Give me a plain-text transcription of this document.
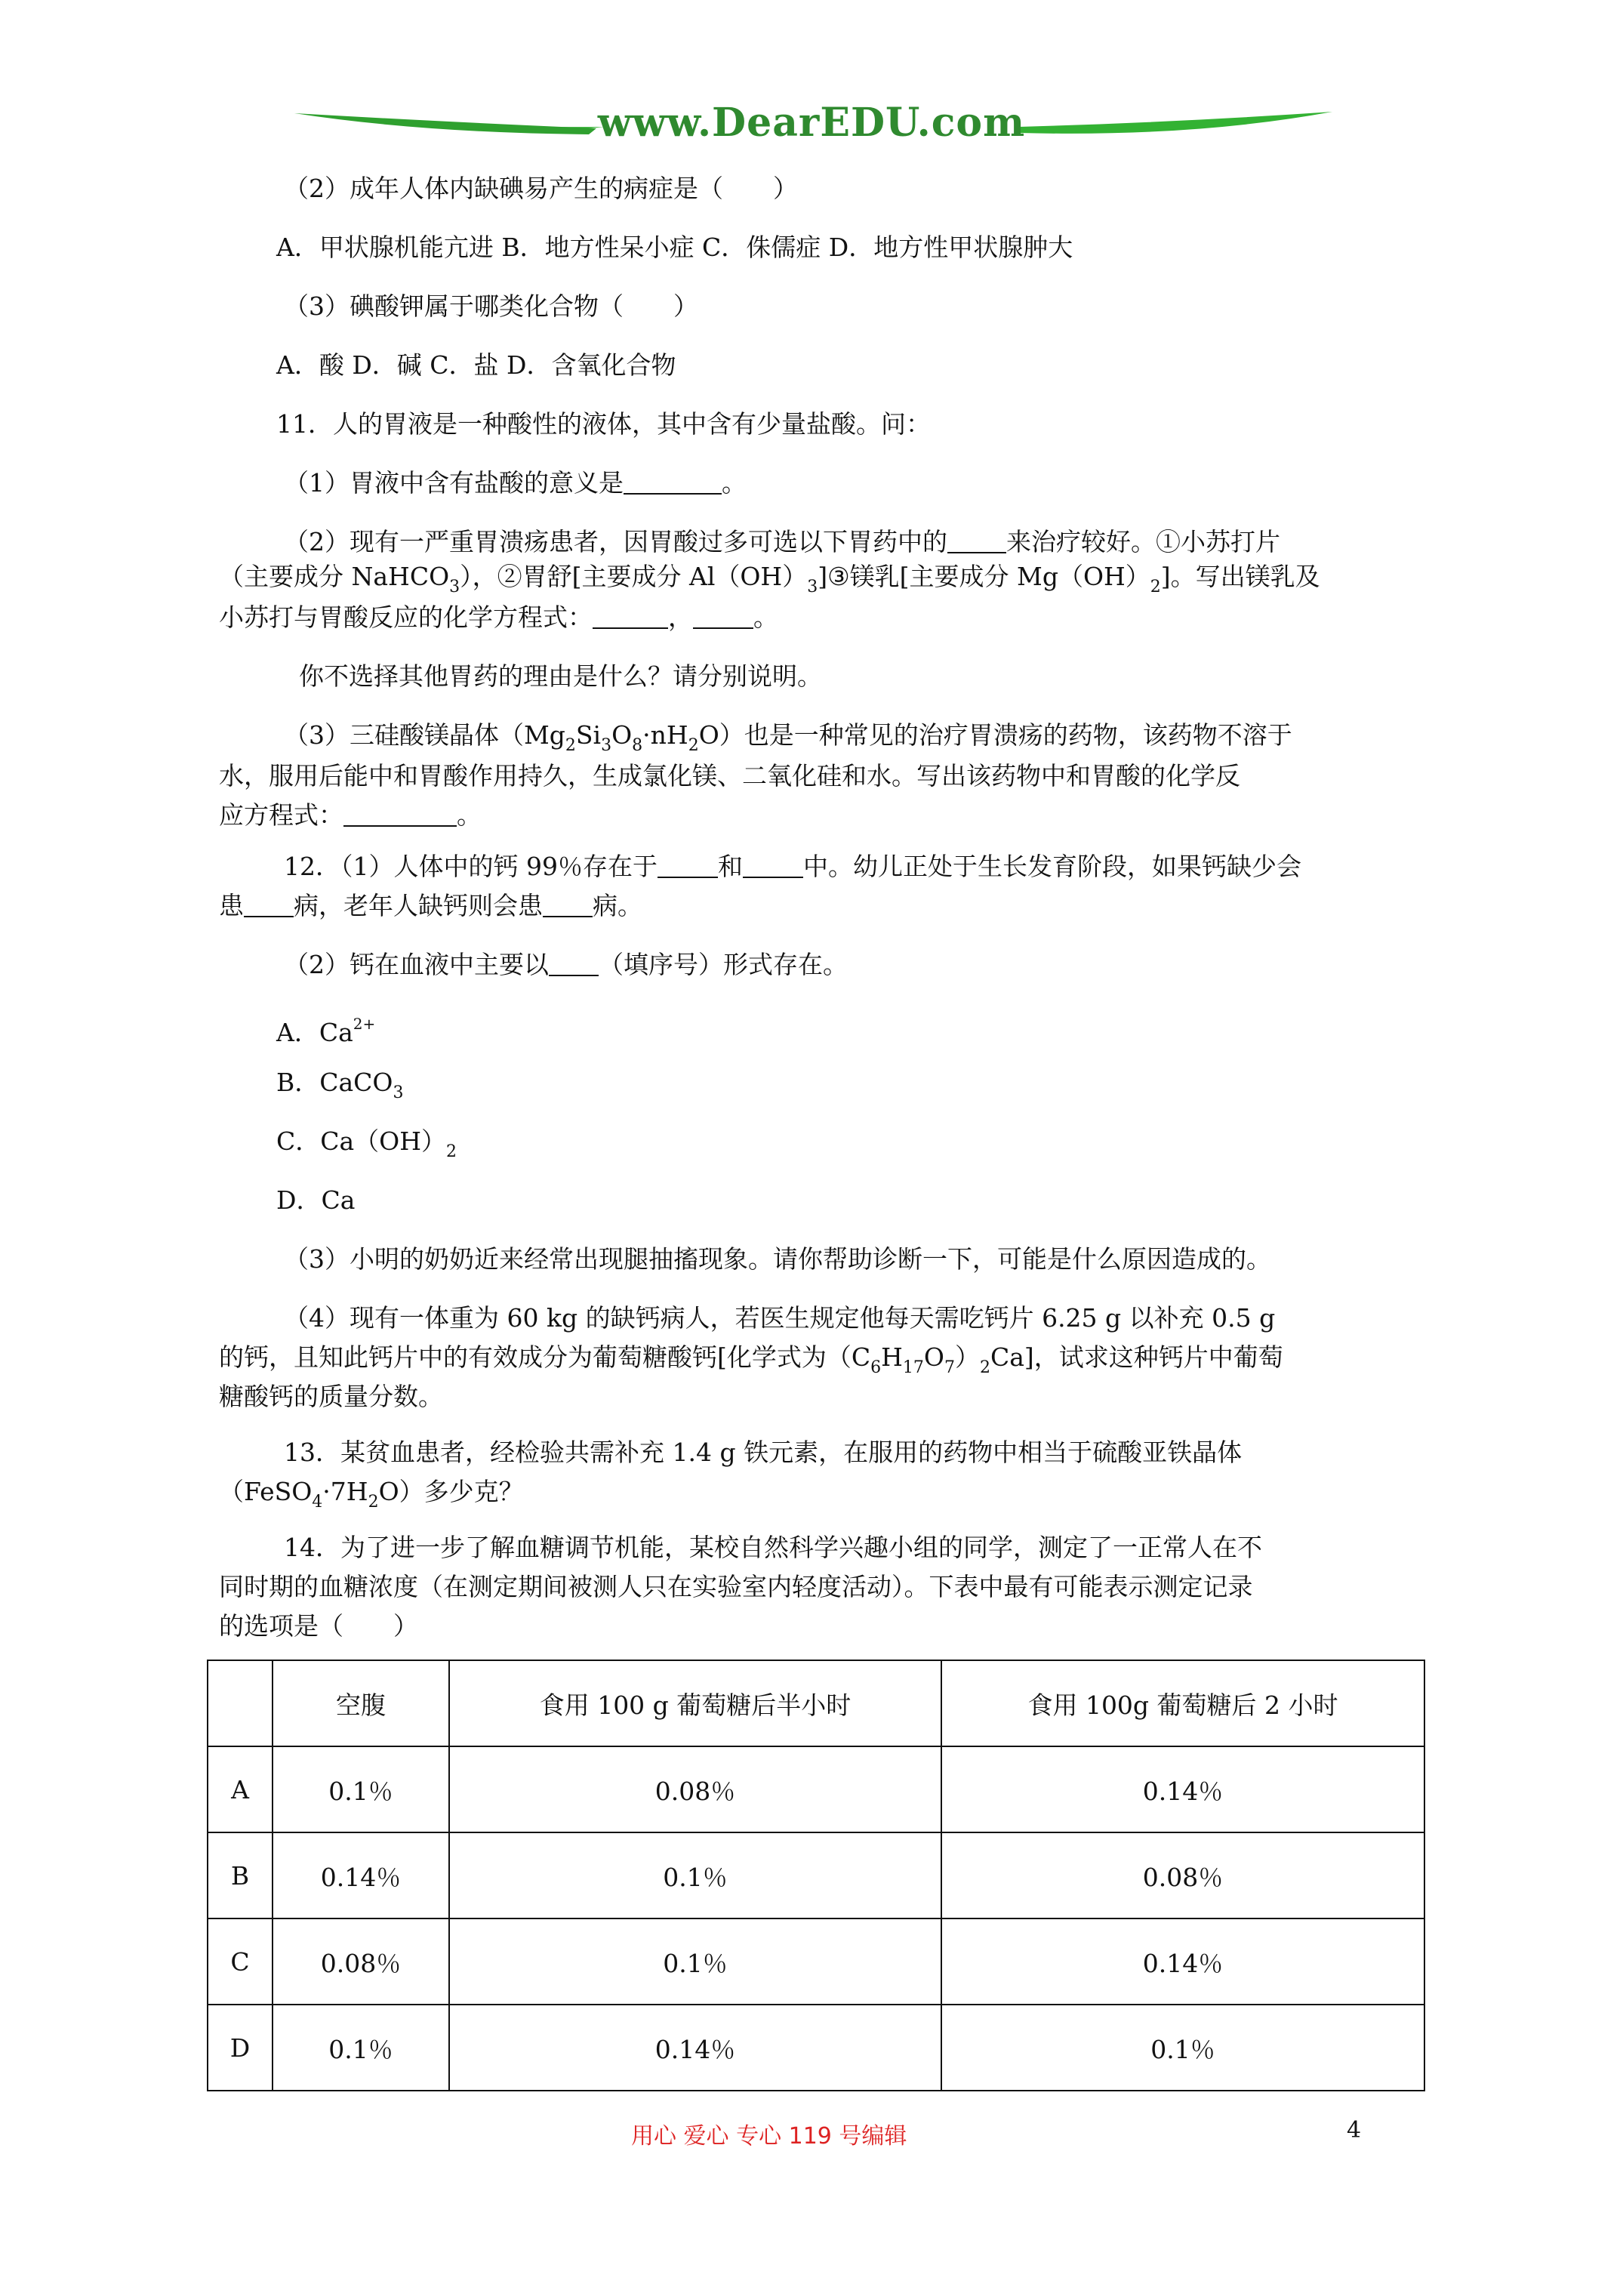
www.DearEDU.com
（2）成年人体内缺碘易产生的病症是（　　）
A．甲状腺机能亢进 B．地方性呆小症 C．侏儒症 D．地方性甲状腺肿大
（3）碘酸钾属于哪类化合物（　　）
A．酸 D．碱 C．盐 D．含氧化合物
11．人的胃液是一种酸性的液体，其中含有少量盐酸。问：
（1）胃液中含有盐酸的意义是	。
（2）现有一严重胃溃疡患者，因胃酸过多可选以下胃药中的 来治疗较好。①小苏打片
（主要成分 NaHCO$_3$），②胃舒[主要成分 $Al(OH)_3]③$镁乳[主要成分 $Mg(OH)_2$]。写出镁乳及
小苏打与胃酸反应的化学方程式：	， 。
你不选择其他胃药的理由是什么？请分别说明。
（3）三硅酸镁晶体$(Mg_2Si_3O_8\cdot nH_2O)$也是一种常见的治疗胃溃疡的药物，该药物不溶于
水，服用后能中和胃酸作用持久，生成氯化镁、二氧化硅和水。写出该药物中和胃酸的化学反
应方程式：	。
12．（1）人体中的钙 99％存在于 和 中。幼儿正处于生长发育阶段，如果钙缺少会
患 病，老年人缺钙则会患 病。
（2）钙在血液中主要以 （填序号）形式存在。
A．$Ca^{2+}$
B．CaCO$_3$
C．$Ca(OH)_2$
D．Ca
（3）小明的奶奶近来经常出现腿抽搐现象。请你帮助诊断一下，可能是什么原因造成的。
（4）现有一体重为 60 kg 的缺钙病人，若医生规定他每天需吃钙片 6.25 g 以补充 0.5 g
的钙，且知此钙片中的有效成分为葡萄糖酸钙[化学式为$(C_6H_{17}O_7)_2Ca$]，试求这种钙片中葡萄
糖酸钙的质量分数。
13．某贫血患者，经检验共需补充 1.4 g 铁元素，在服用的药物中相当于硫酸亚铁晶体
$(FeSO_4\cdot 7H_2O)$多少克？
14．为了进一步了解血糖调节机能，某校自然科学兴趣小组的同学，测定了一正常人在不
同时期的血糖浓度（在测定期间被测人只在实验室内轻度活动）。下表中最有可能表示测定记录
的选项是（　　）
	空腹	食用 100 g 葡萄糖后半小时	食用 100g 葡萄糖后 2 小时
A	0.1％	0.08％	0.14％
B	0.14％	0.1％	0.08％
C	0.08％	0.1％	0.14％
D	0.1％	0.14％	0.1％
用心 爱心 专心 119 号编辑	4
